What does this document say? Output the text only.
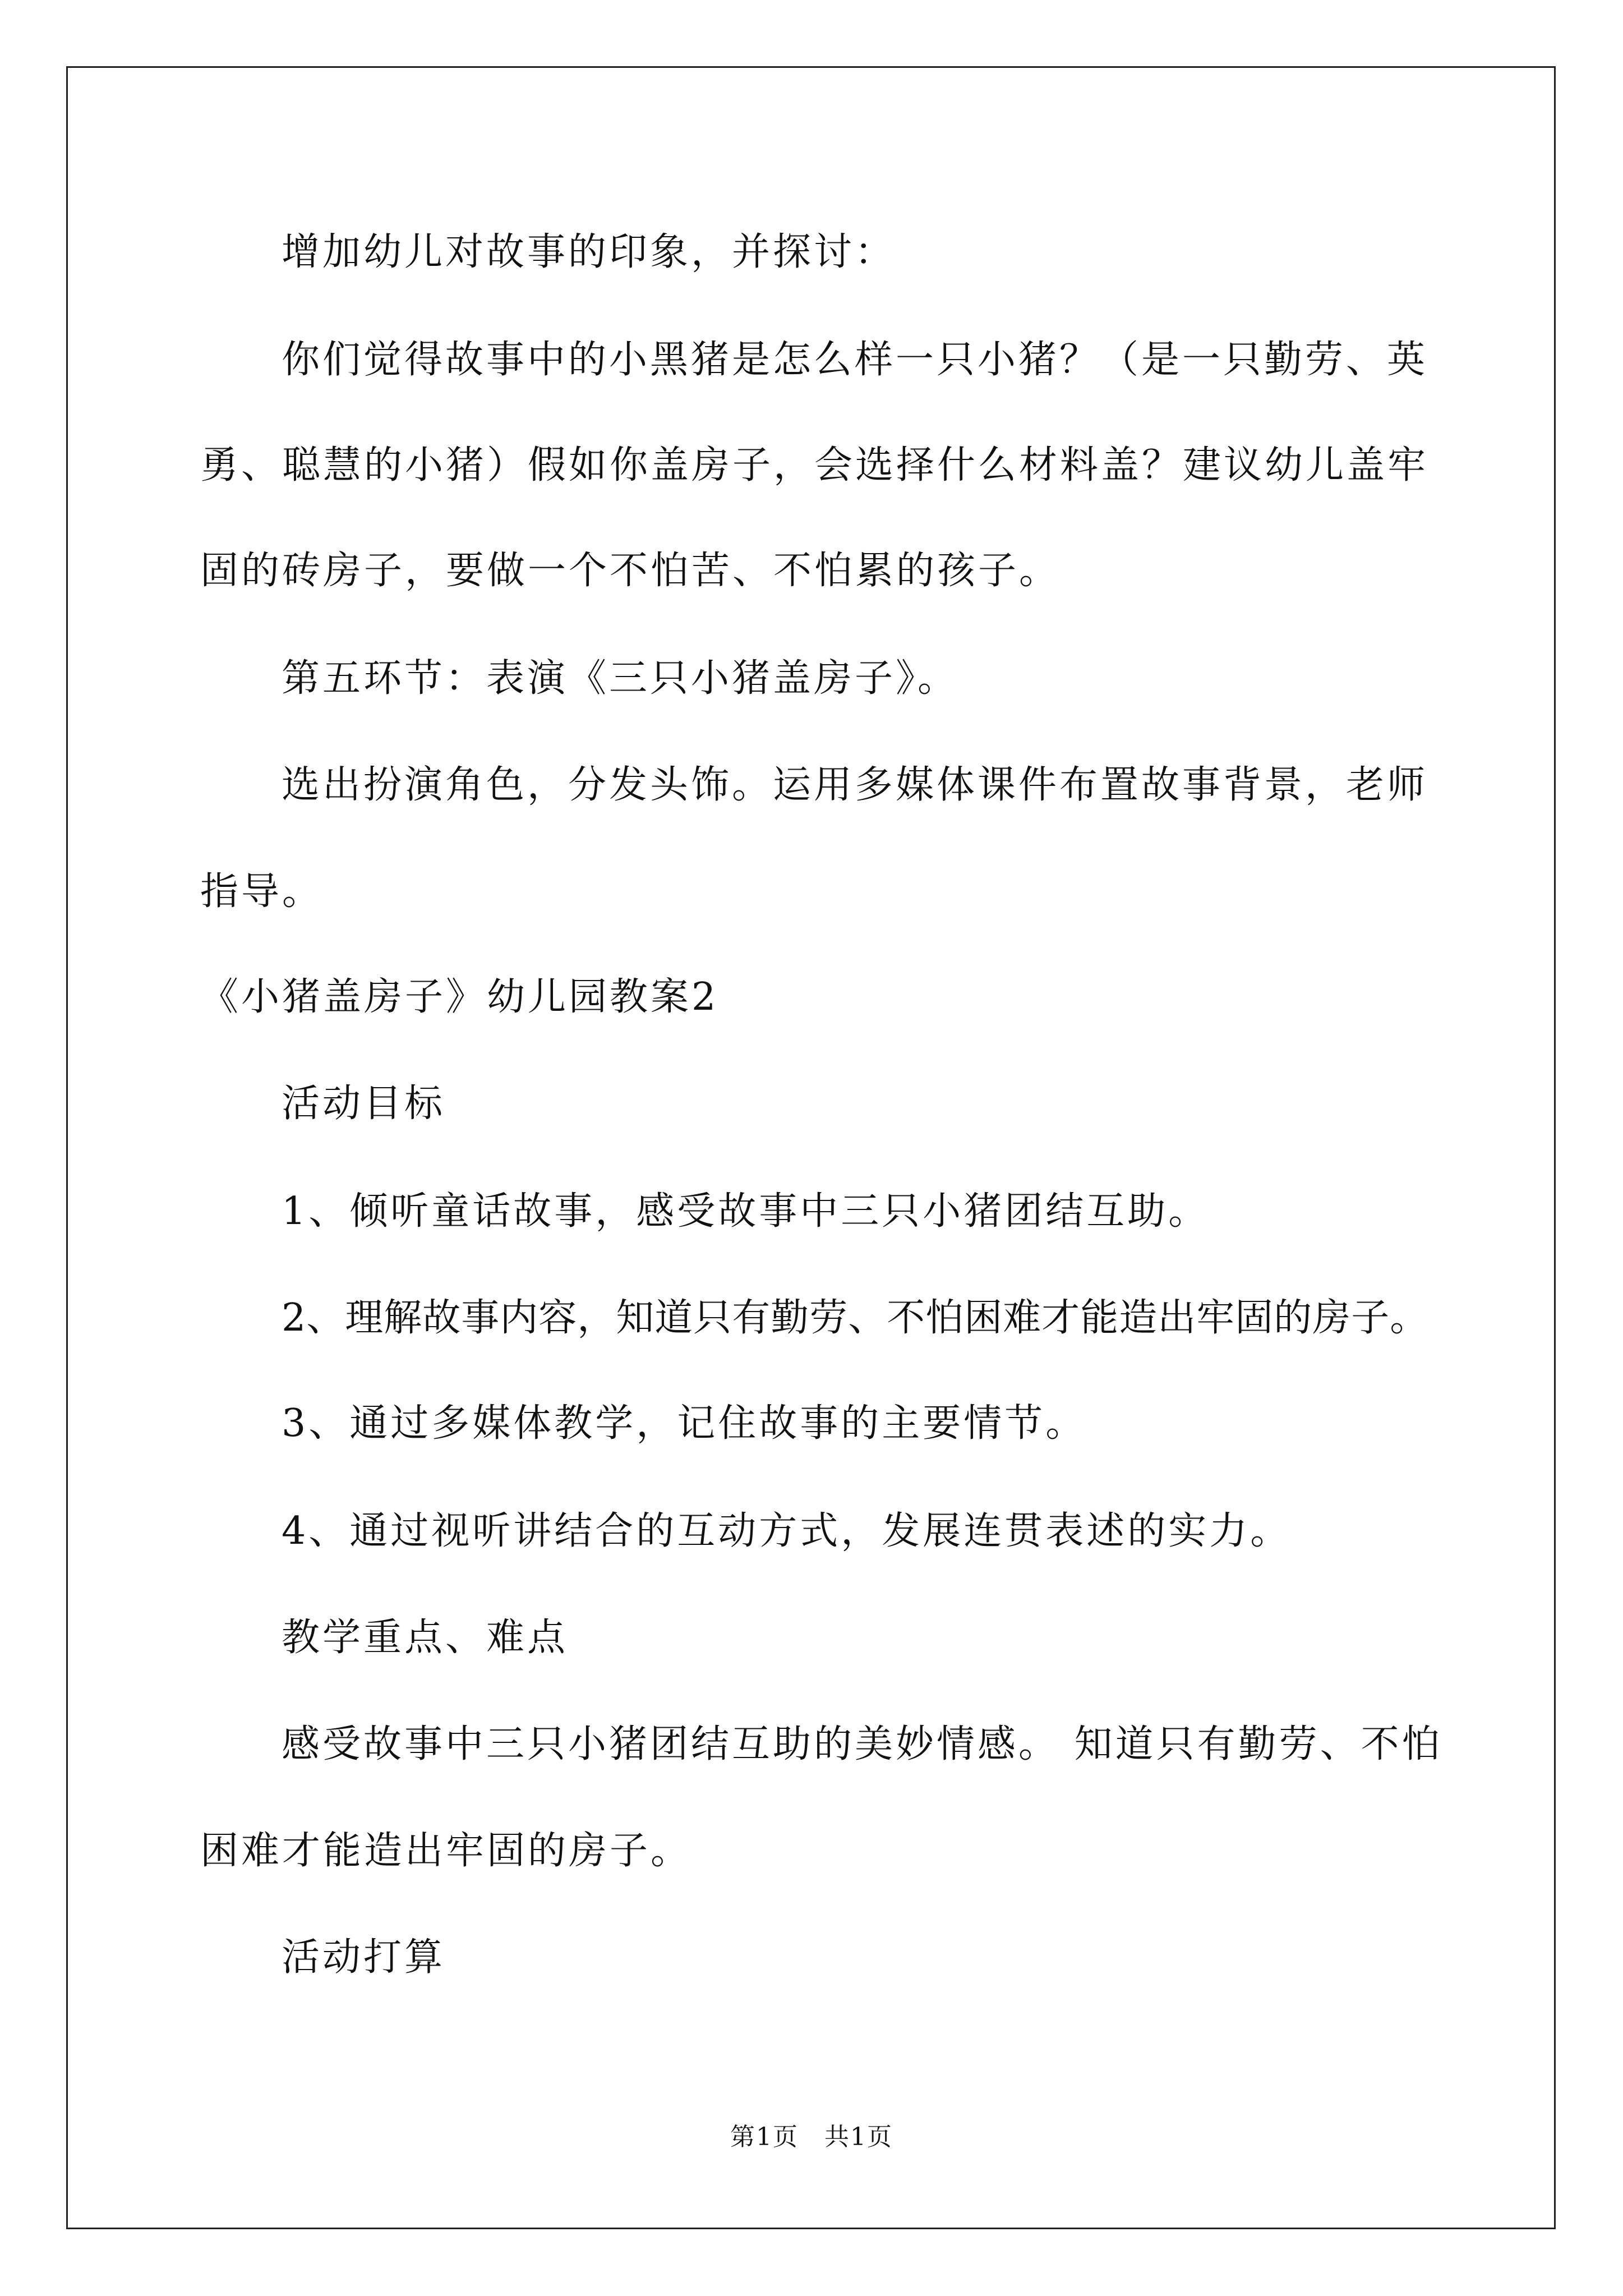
增加幼儿对故事的印象，并探讨：
你们觉得故事中的小黑猪是怎么样一只小猪？（是一只勤劳、英
勇、聪慧的小猪）假如你盖房子，会选择什么材料盖？建议幼儿盖牢
固的砖房子，要做一个不怕苦、不怕累的孩子。
第五环节：表演《三只小猪盖房子》。
选出扮演角色，分发头饰。运用多媒体课件布置故事背景，老师
指导。
《小猪盖房子》幼儿园教案2
活动目标
1、倾听童话故事，感受故事中三只小猪团结互助。
2、理解故事内容，知道只有勤劳、不怕困难才能造出牢固的房子。
3、通过多媒体教学，记住故事的主要情节。
4、通过视听讲结合的互动方式，发展连贯表述的实力。
教学重点、难点
感受故事中三只小猪团结互助的美妙情感。 知道只有勤劳、不怕
困难才能造出牢固的房子。
活动打算
第1页　共1页
